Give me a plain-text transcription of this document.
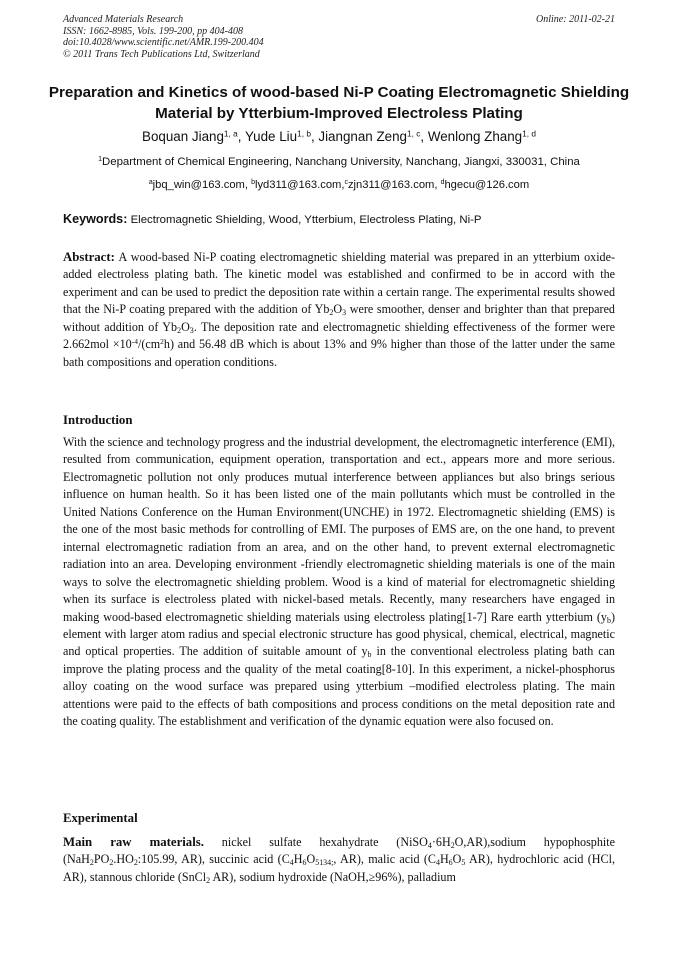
Advanced Materials Research
ISSN: 1662-8985, Vols. 199-200, pp 404-408
doi:10.4028/www.scientific.net/AMR.199-200.404
© 2011 Trans Tech Publications Ltd, Switzerland
Online: 2011-02-21
Preparation and Kinetics of wood-based Ni-P Coating Electromagnetic Shielding Material by Ytterbium-Improved Electroless Plating
Boquan Jiang$^{1, a}$, Yude Liu$^{1, b}$, Jiangnan Zeng$^{1, c}$, Wenlong Zhang$^{1, d}$
$^1$Department of Chemical Engineering, Nanchang University, Nanchang, Jiangxi, 330031, China
$^a$jbq_win@163.com, $^b$lyd311@163.com,$^c$zjn311@163.com, $^d$hgecu@126.com
Keywords: Electromagnetic Shielding, Wood, Ytterbium, Electroless Plating, Ni-P

Abstract: A wood-based Ni-P coating electromagnetic shielding material was prepared in an ytterbium oxide-added electroless plating bath. The kinetic model was established and confirmed to be in accord with the experiment and can be used to predict the deposition rate within a certain range. The experimental results showed that the Ni-P coating prepared with the addition of $Yb_2O_3$ were smoother, denser and brighter than that prepared without addition of $Yb_2O_3$. The deposition rate and electromagnetic shielding effectiveness of the former were $2.662mol \times 10^{-4}/(cm^2h)$ and 56.48 dB which is about 13% and 9% higher than those of the latter under the same bath compositions and operation conditions.

Introduction

With the science and technology progress and the industrial development, the electromagnetic interference (EMI), resulted from communication, equipment operation, transportation and ect., appears more and more serious. Electromagnetic pollution not only produces mutual interference between appliances but also brings serious influence on human health. So it has been listed one of the main pollutants which must be controlled in the United Nations Conference on the Human Environment(UNCHE) in 1972. Electromagnetic shielding (EMS) is the one of the most basic methods for controlling of EMI. The purposes of EMS are, on the one hand, to prevent internal electromagnetic radiation from an area, and on the other hand, to prevent external electromagnetic radiation into an area. Developing environment -friendly electromagnetic shielding materials is one of the main ways to solve the electromagnetic shielding problem. Wood is a kind of material for electromagnetic shielding when its surface is electroless plated with nickel-based metals. Recently, many researchers have engaged in making wood-based electromagnetic shielding materials using electroless plating[1-7] Rare earth ytterbium $(y_b)$ element with larger atom radius and special electronic structure has good physical, chemical, electrical, magnetic and optical properties. The addition of suitable amount of $y_b$ in the conventional electroless plating bath can improve the plating process and the quality of the metal coating[8-10]. In this experiment, a nickel-phosphorus alloy coating on the wood surface was prepared using ytterbium –modified electroless plating. The main attentions were paid to the effects of bath compositions and process conditions on the metal deposition rate and the coating quality. The establishment and verification of the dynamic equation were also focused on.

Experimental

Main raw materials. nickel sulfate hexahydrate $(NiSO_4\cdot 6H_2O,AR),sodium$ hypophosphite ($NaH_2PO_2.HO_2:105.99$, AR), succinic acid ($C_4H_6O_{5134;}$, AR), malic acid ($C_4H_6O_5$ AR), hydrochloric acid (HCl, AR), stannous chloride (SnCl$_2$ AR), sodium hydroxide (NaOH,≥96%), palladium
